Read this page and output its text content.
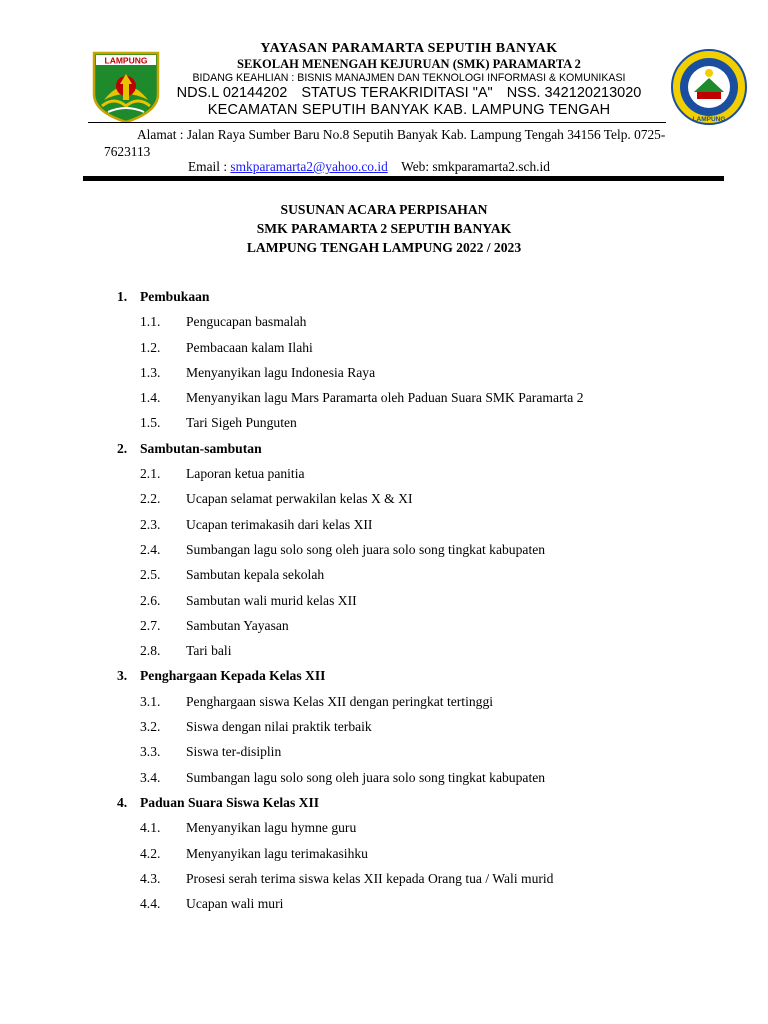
LAMPUNG
LAMPUNG
YAYASAN PARAMARTA SEPUTIH BANYAK
SEKOLAH MENENGAH KEJURUAN (SMK) PARAMARTA 2
BIDANG KEAHLIAN : BISNIS MANAJMEN DAN TEKNOLOGI INFORMASI & KOMUNIKASI
NDS.L 02144202 STATUS TERAKRIDITASI "A" NSS. 342120213020
KECAMATAN SEPUTIH BANYAK KAB. LAMPUNG TENGAH
Alamat : Jalan Raya Sumber Baru No.8 Seputih Banyak Kab. Lampung Tengah 34156 Telp. 0725-7623113
Email : smkparamarta2@yahoo.co.id Web: smkparamarta2.sch.id
SUSUNAN ACARA PERPISAHAN
SMK PARAMARTA 2 SEPUTIH BANYAK
LAMPUNG TENGAH LAMPUNG 2022 / 2023
1. Pembukaan
1.1.	Pengucapan basmalah
1.2.	Pembacaan kalam Ilahi
1.3.	Menyanyikan lagu Indonesia Raya
1.4.	Menyanyikan lagu Mars Paramarta oleh Paduan Suara SMK Paramarta 2
1.5.	Tari Sigeh Punguten
2. Sambutan-sambutan
2.1.	Laporan ketua panitia
2.2.	Ucapan selamat perwakilan kelas X & XI
2.3.	Ucapan terimakasih dari kelas XII
2.4.	Sumbangan lagu solo song oleh juara solo song tingkat kabupaten
2.5.	Sambutan kepala sekolah
2.6.	Sambutan wali murid kelas XII
2.7.	Sambutan Yayasan
2.8.	Tari bali
3. Penghargaan Kepada Kelas XII
3.1.	Penghargaan siswa Kelas XII dengan peringkat tertinggi
3.2.	Siswa dengan nilai praktik terbaik
3.3.	Siswa ter-disiplin
3.4.	Sumbangan lagu solo song oleh juara solo song tingkat kabupaten
4. Paduan Suara Siswa Kelas XII
4.1.	Menyanyikan lagu hymne guru
4.2.	Menyanyikan lagu terimakasihku
4.3.	Prosesi serah terima siswa kelas XII kepada Orang tua / Wali murid
4.4.	Ucapan wali muri
